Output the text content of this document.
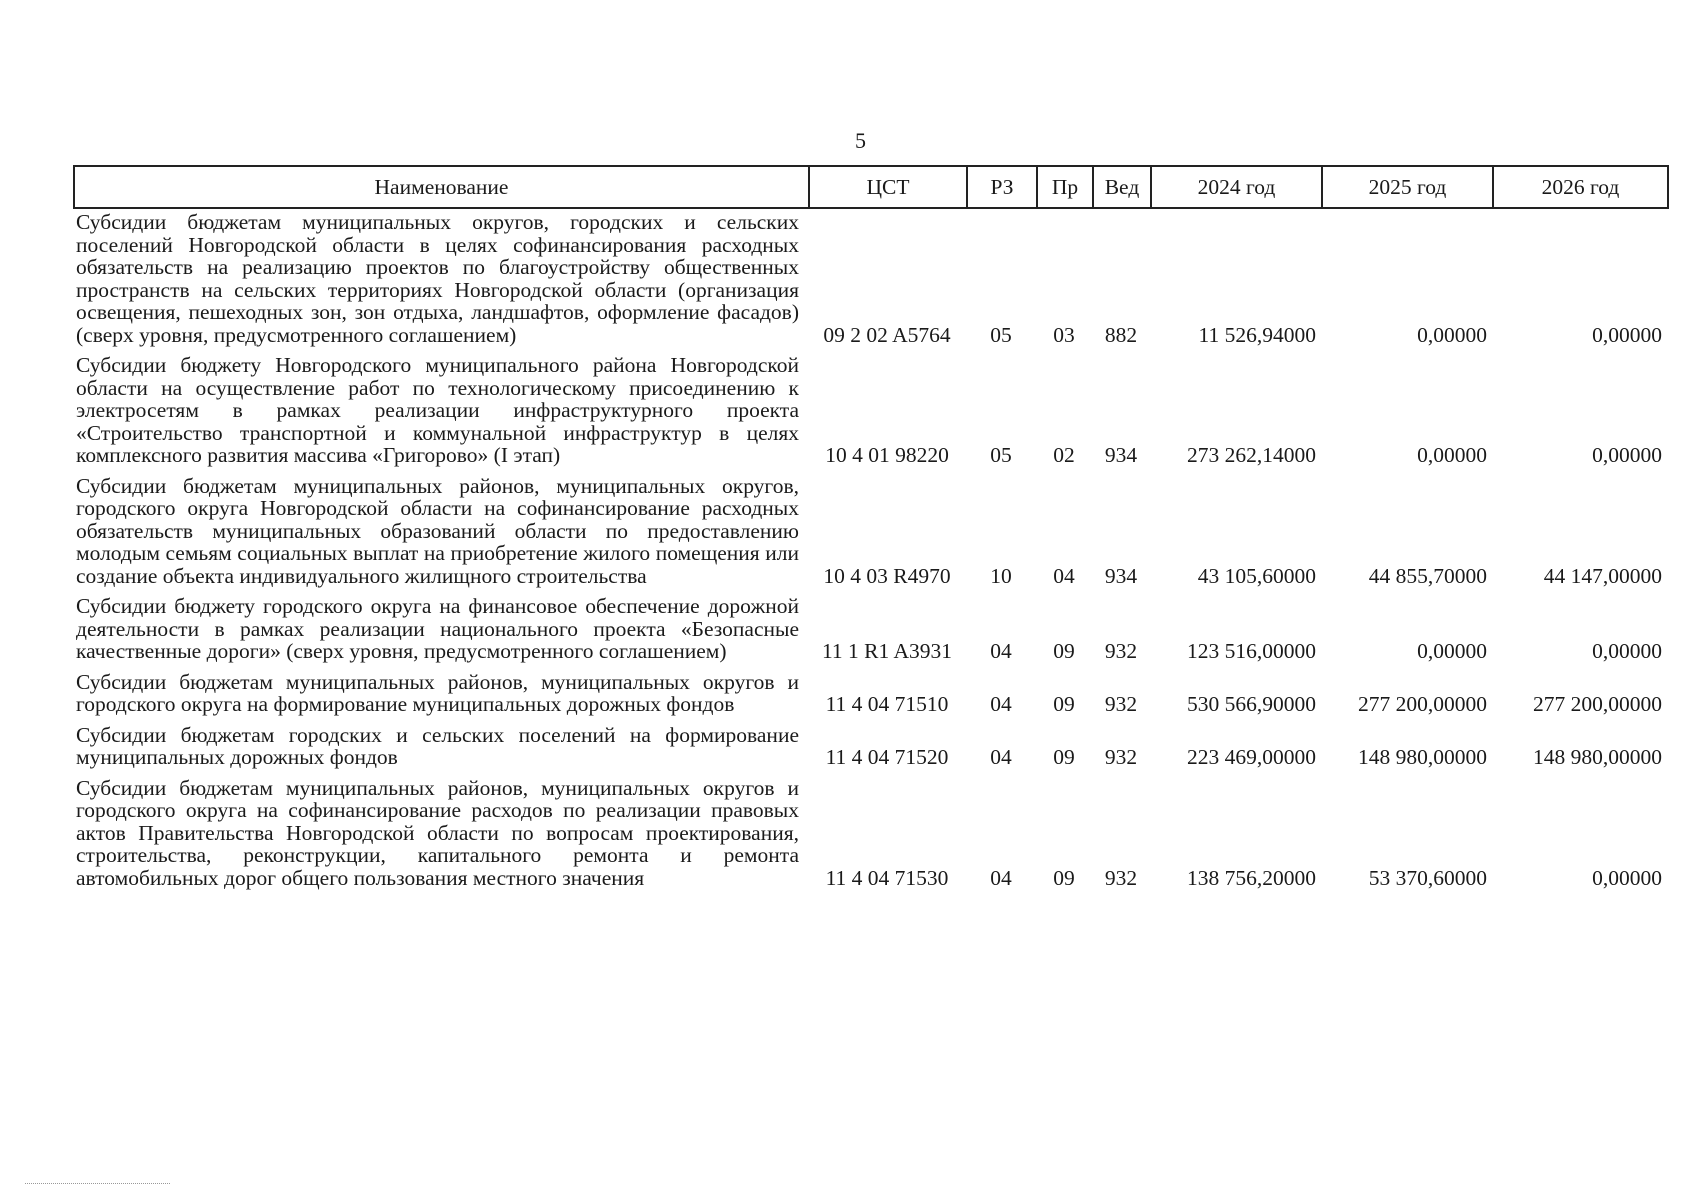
5
Наименование	ЦСТ	РЗ	Пр	Вед	2024 год	2025 год	2026 год
Субсидии бюджетам муниципальных округов, городских и сельских поселений Новгородской области в целях софинансирования расходных обязательств на реализацию проектов по благоустройству общественных пространств на сельских территориях Новгородской области (организация освещения, пешеходных зон, зон отдыха, ландшафтов, оформление фасадов) (сверх уровня, предусмотренного соглашением)	09 2 02 A5764	05	03	882	11 526,94000	0,00000	0,00000
Субсидии бюджету Новгородского муниципального района Новгородской области на осуществление работ по технологическому присоединению к электросетям в рамках реализации инфраструктурного проекта «Строительство транспортной и коммунальной инфраструктур в целях комплексного развития массива «Григорово» (I этап)	10 4 01 98220	05	02	934	273 262,14000	0,00000	0,00000
Субсидии бюджетам муниципальных районов, муниципальных округов, городского округа Новгородской области на софинансирование расходных обязательств муниципальных образований области по предоставлению молодым семьям социальных выплат на приобретение жилого помещения или создание объекта индивидуального жилищного строительства	10 4 03 R4970	10	04	934	43 105,60000	44 855,70000	44 147,00000
Субсидии бюджету городского округа на финансовое обеспечение дорожной деятельности в рамках реализации национального проекта «Безопасные качественные дороги» (сверх уровня, предусмотренного соглашением)	11 1 R1 A3931	04	09	932	123 516,00000	0,00000	0,00000
Субсидии бюджетам муниципальных районов, муниципальных округов и городского округа на формирование муниципальных дорожных фондов	11 4 04 71510	04	09	932	530 566,90000	277 200,00000	277 200,00000
Субсидии бюджетам городских и сельских поселений на формирование муниципальных дорожных фондов	11 4 04 71520	04	09	932	223 469,00000	148 980,00000	148 980,00000
Субсидии бюджетам муниципальных районов, муниципальных округов и городского округа на софинансирование расходов по реализации правовых актов Правительства Новгородской области по вопросам проектирования, строительства, реконструкции, капитального ремонта и ремонта автомобильных дорог общего пользования местного значения	11 4 04 71530	04	09	932	138 756,20000	53 370,60000	0,00000
